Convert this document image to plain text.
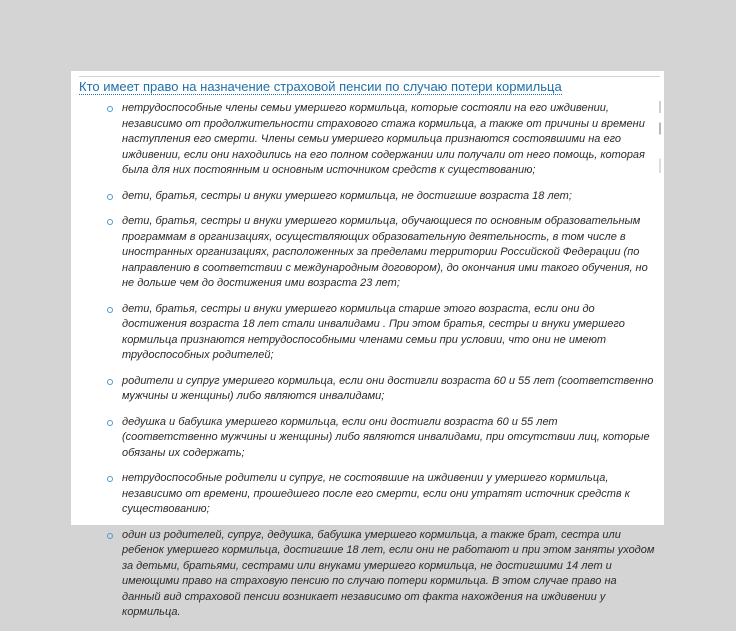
Кто имеет право на назначение страховой пенсии по случаю потери кормильца
нетрудоспособные члены семьи умершего кормильца, которые состояли на его иждивении, независимо от продолжительности страхового стажа кормильца, а также от причины и времени наступления его смерти. Члены семьи умершего кормильца признаются состоявшими на его иждивении, если они находились на его полном содержании или получали от него помощь, которая была для них постоянным и основным источником средств к существованию;
дети, братья, сестры и внуки умершего кормильца, не достигшие возраста 18 лет;
дети, братья, сестры и внуки умершего кормильца, обучающиеся по основным образовательным программам в организациях, осуществляющих образовательную деятельность, в том числе в иностранных организациях, расположенных за пределами территории Российской Федерации (по направлению в соответствии с международным договором), до окончания ими такого обучения, но не дольше чем до достижения ими возраста 23 лет;
дети, братья, сестры и внуки умершего кормильца старше этого возраста, если они до достижения возраста 18 лет стали инвалидами . При этом братья, сестры и внуки умершего кормильца признаются нетрудоспособными членами семьи при условии, что они не имеют трудоспособных родителей;
родители и супруг умершего кормильца, если они достигли возраста 60 и 55 лет (соответственно мужчины и женщины) либо являются инвалидами;
дедушка и бабушка умершего кормильца, если они достигли возраста 60 и 55 лет (соответственно мужчины и женщины) либо являются инвалидами, при отсутствии лиц, которые обязаны их содержать;
нетрудоспособные родители и супруг, не состоявшие на иждивении у умершего кормильца, независимо от времени, прошедшего после его смерти, если они утратят источник средств к существованию;
один из родителей, супруг, дедушка, бабушка умершего кормильца, а также брат, сестра или ребенок умершего кормильца, достигшие 18 лет, если они не работают и при этом заняты уходом за детьми, братьями, сестрами или внуками умершего кормильца, не достигшими 14 лет и имеющими право на страховую пенсию по случаю потери кормильца. В этом случае право на данный вид страховой пенсии возникает независимо от факта нахождения на иждивении у кормильца.
